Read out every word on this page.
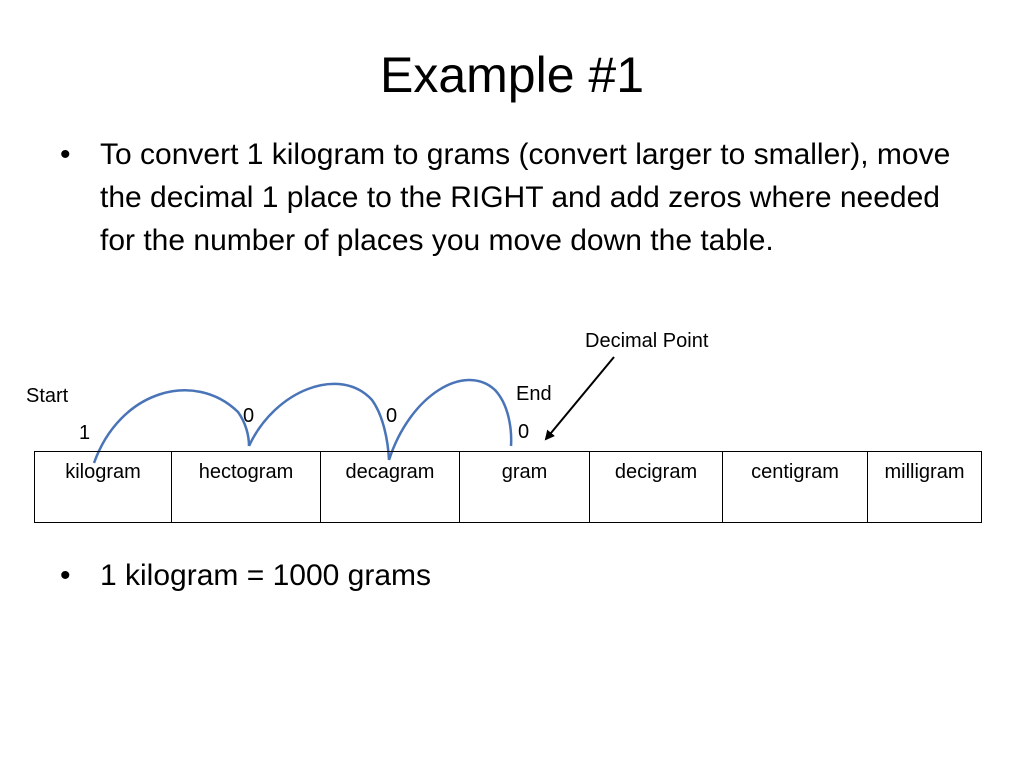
Example #1
• To convert 1 kilogram to grams (convert larger to smaller), move the decimal 1 place to the RIGHT and add zeros where needed for the number of places you move down the table.
Decimal Point
Start	End
1
0	0
0
kilogram	hectogram	decagram	gram	decigram	centigram	milligram
• 1 kilogram = 1000 grams
